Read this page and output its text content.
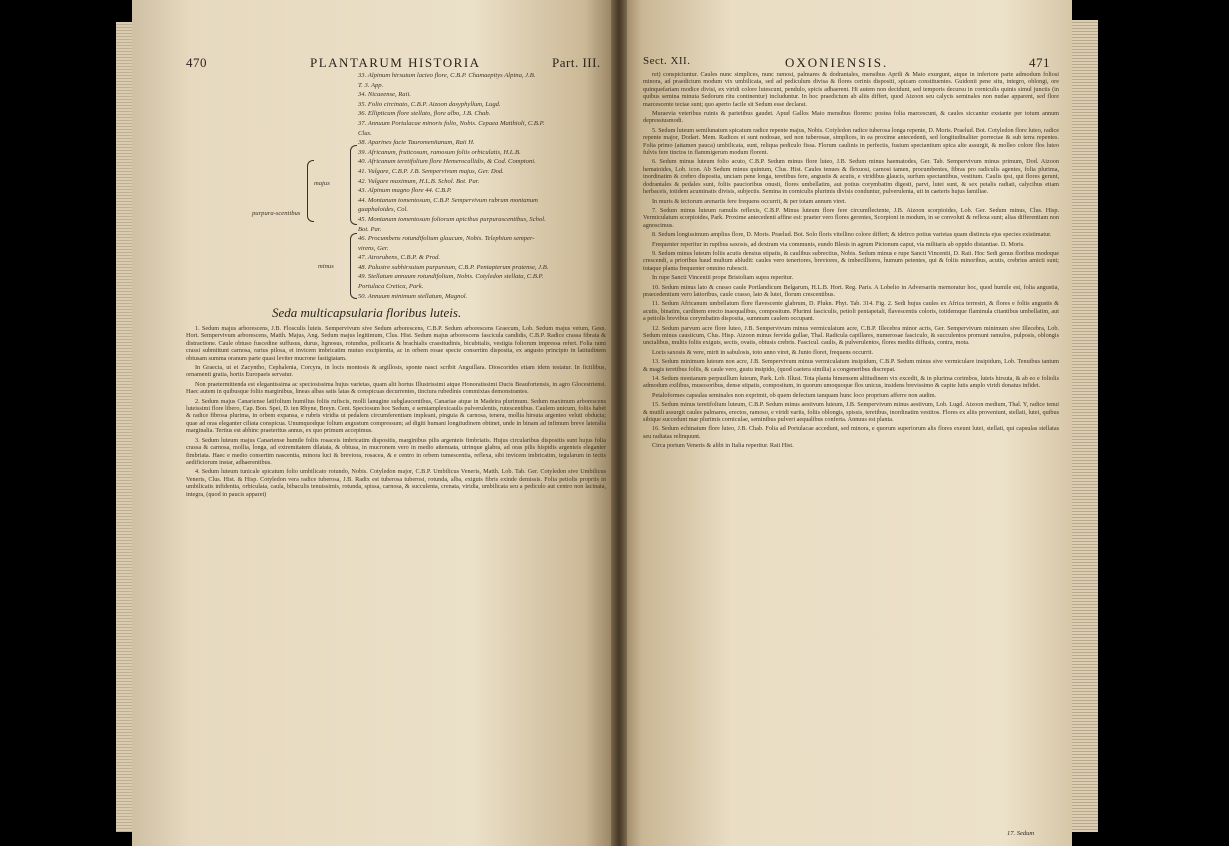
470	PLANTARUM HISTORIA	Part. III.
33. Alpinum hirsutum lacteo flore, C.B.P. Chamaepitys Alpina, J.B.
T. 3. App.
34. Nicaeense, Raii.
35. Folio circinato, C.B.P. Aizoon dasyphyllum, Lugd.
36. Ellipticum flore stellato, flore albo, J.B. Chab.
37. Annuum Portulacae minoris folio, Nobis. Cepaea Matthioli, C.B.P.
Clus.
38. Aparines facie Tauromenitanum, Raii H.
39. Africanum, fruticosum, ramosum foliis orbiculatis, H.L.B.
40. Africanum teretifolium flore Hemerocallidis, & Cod. Comptoni.
41. Vulgare, C.B.P. J.B. Sempervivum majus, Ger. Dod.
42. Vulgare maximum, H.L.B. Schol. Bot. Par.
43. Alpinum magno flore 44. C.B.P.
44. Montanum tomentosum, C.B.P. Sempervivum rubrum montanum
guaphaloides, Col.
45. Montanum tomentosum foliorum apicibus purpurascentibus, Schol.
Bot. Par.
46. Procumbens rotundifolium glaucum, Nobis. Telephium semper-
virens, Ger.
47. Atrorubens, C.B.P. & Prod.
48. Palustre subhirsutum purpureum, C.B.P. Pentapterum pratense, J.B.
49. Stellatum annuum rotundifolium, Nobis. Cotyledon stellata, C.B.P.
Portulaca Cretica, Park.
50. Annuum minimum stellatum, Magnol.
majus
purpura-scentibus
minus
Seda multicapsularia floribus luteis.

1. Sedum majus arborescens, J.B. Flosculis luteis. Sempervivum sive Sedum arborescens, C.B.P. Sedum arborescens Graecum, Lob. Sedum majus vetum, Gesn. Hort. Sempervivum arborescens, Matth. Majus, Ang. Sedum majus legitimum, Clus. Hist. Sedum majus arborescens fascicula candidis, C.B.P. Radice crassa fibrata & distractione. Caule obtuso fuscedine suffusus, durus, lignosus, rotundus, pollicaris & brachialis crassitudinis, bicubitalis, vestigia foliorum impressa refert. Folia rami crassi submittunt carnosa, rarius pilosa, et invicem imbricatim mutuo excipientia, ac in orbem rosae specie consertim disposita, ex angusto principio in latitudinem obtusam summa oranum parte quasi leviter mucrone fastigiatam.

In Graecia, ut et Zacyntho, Cephalenia, Corcyra, in locis montosis & argillosis, sponte nasci scribit Anguillara. Dioscorides etiam idem testatur. In fictilibus, ornamenti gratia, hortis Europaeis servatur.

Non praetermittenda est elegantissima ac speciosissima hujus varietas, quam alit hortus Illustrissimi atque Honoratissimi Ducis Beaufortensis, in agro Glocestriensi. Haec autem in quibusque foliis marginibus, lineas albas satis latas & conspicuas decurrentes, tinctura rubedinis commixtas demonstrantes.

2. Sedum majus Canariense latifolium humilius foliis rufiscis, molli lanugine subglaucentibus, Canariae atque in Madeira plurimum. Sedum maximum arborescens luteissimi flore libero, Cap. Bon. Spei, D. ten Rhyne, Breyn. Cent. Speciosum hoc Sedum, e semiamplexicaulis pulverulentis, rutescentibus. Caulem unicum, foliis habet & radice fibrosa plurima, in orbem expansa, e rubris viridia ut pedalem circumferentiam impleant, pinguia & carnosa, tenera, mollia hirsuta argenteo veluti obducta; quae ad oras eleganter ciliata conspicua. Unumquodque folium angustum compressum; ad digiti humani longitudinem obtinet, unde in binam ad infimum breve lateralia marginalia. Tertius est abhinc praeteritus annus, ex quo primum accepimus.

3. Sedum luteum majus Canariense humile foliis rosaceis imbricatim dispositis, marginibus pilis argenteis fimbriatis. Hujus circularibus dispositis sunt hujus folia crassa & carnosa, mollia, longa, ad extremitatem dilatata, & obtusa, in mucronem vero in medio attenuata, utrinque glabra, ad oras pilis hispidis argenteis eleganter fimbriata. Haec e medio consertim nascentia, minora luci & breviora, rosacea, & e centro in orbem tumescentia, reflexa, sibi invicem imbricatim, tegularum in tectis aedificiorum instar, adhaerentibus.

4. Sedum luteum tunicale spicatum folio umbilicato rotundo, Nobis. Cotyledon major, C.B.P. Umbilicus Veneris, Matth. Lob. Tab. Ger. Cotyledon sive Umbilicus Veneris, Clus. Hist. & Hisp. Cotyledon vera radice tuberosa, J.B. Radix est tuberosa tuberosi, rotunda, alba, exiguis fibris exinde demissis. Folia petiolis propriis in umbilicatis infidentia, orbiculata, caula, bibaculis tenuissimis, rotunda, spissa, carnosa, & succulenta, crenata, viridia, umbilicata seu a pediculo aut centro non lacinata, integra, (quod in paucis apparet)

Sect. XII.	OXONIENSIS.	471

ret) conspiciuntur. Caules nunc simplices, nunc ramosi, palmares & dodrantales, mensibus Aprili & Maio exurgunt, atque in inferiore parte admodum foliosi minora, ad praedictum modum vix umbilicata, sed ad pediculum divisa & flores cerinis dispositi, spicam constituentes. Guidonii pene situ, integro, oblongi, ore quinquefariam modice divisi, ex viridi colore lutescunt, pendulo, spicis adhaerent. Hi autem non decidunt, sed temporis decursu in corniculis quinis simul junctis (in quibus semina minuta Sedorum ritu continentur) includuntur. In hoc praedictum ab aliis differt, quod Aizoon seu calycis seminales non nudae apparent, sed flore marcescente tectae sunt; quo aperto facile sit Sedum esse declarat.

Muraevia veteribus ruinis & parietibus gaudet. Apud Gallos Maio mensibus florens: postea folia marcescunt, & caules siccantur exstante per totum annum depressiusmodi.

5. Sedum luteum semilunatum spicatum radice repente majus, Nobis. Cotyledon radice tuberosa longa repente, D. Moris. Praelud. Bot. Cotyledon flore luteo, radice repente major, Dodart. Mem. Radices ei sunt nodosae, sed non tuberosae, simplices, in ea proxime antecedenti, sed longitudinaliter porrectae & sub terra repentes. Folia primo (attamen pauca) umbilicata, sunt, reliqua pediculo fissa. Florum caulinis in perfectis, fusium spectantium spica alte assurgit, & molleo colore flos luteo fulvis fere tinctos in flammigerum modum florent.

6. Sedum minus luteum folio acuto, C.B.P. Sedum minus flore luteo, J.B. Sedum minus haematodes, Ger. Tab. Sempervivum minus primum, Dod. Aizoon hematoides, Lob. icon. Ab Sedum minus quintum, Clus. Hist. Caules tenues & flexuosi, carnosi tamen, procumbentes, fibras pro radiculis agentes, folia plurima, inordinatim & crebro disposita, unciam pene longa, teretibus fere, angustis & acutis, e viridibus glaucis, surfum spectantibus, vestitum. Caulis ipsi, qui flores gerunt, dodrantales & pedales sunt, foliis paucioribus onusti, flores umbellatim, aut potius corymbatim digesti, parvi, lutei sunt, & sex petalis radiati, calycibus etiam herbaceis, totidem acuminatis divisis, subjectis. Semina in corniculis plurimis divisis conduntur, pulverulenta, uti in caeteris hujus familiae.

In muris & tectorum arenariis fere frequens occurrit, & per totam annum viret.

7. Sedum minus luteum ramulis reflexis, C.B.P. Minus luteum flore fere circumflectente, J.B. Aizoon scorpioides, Lob. Ger. Sedum minus, Clus. Hisp. Vermiculatum scorpioides, Park. Proxime antecedenti affine est: praeter vero flores gerentes, Scorpioni in modum, in se convoluti & reflexa sunt; alias differentiam non agnoscimus.

8. Sedum longissimum amplius flore, D. Moris. Praelud. Bot. Solo floris vitellino colore differt; & ideirco potius varietas quam distincta ejus species existimatur.

Frequenter reperitur in rupibus saxosis, ad dextram via communis, eundo Blesis in agrum Pictonum caput, via militaris ab oppido distantiae. D. Moris.

9. Sedum minus luteum foliis acutis densius stipatis, & caulibus subrectius, Nobis. Sedum minus e rupe Sancti Vincentii, D. Raii. Hoc Sedi genus floribus modoque crescendi, a prioribus haud multum abludit: caules vero teneriores, breviores, & imbecilliores, humum petentes, qui & foliis minoribus, acutis, crebrius amicti sunt; totaque planta frequenter omnino rubescit.

In rupe Sancti Vincentii prope Bristoliam supra reperitur.

10. Sedum minus lato & crasso caule Portlandicum Belgarum, H.L.B. Hort. Reg. Paris. A Lobelio in Adversariis memoratur hoc, quod humile est, folia angustia, praecedentium vero latioribus, caule crasso, lato & lutei, florum crescentibus.

11. Sedum Africanum umbellatum flore flavescente glabrum, D. Plukn. Phyt. Tab. 314. Fig. 2. Sedi hujus caules ex Africa terrestri, & flores e foliis angustis & acutis, binatim, cardinem erecto inaequalibus, compositum. Plurimi fasciculis, petioli pentapetali, flavescentis coloris, totidemque flaminula citantibus umbellatim, aut a petiolis brevibus corymbatim disposita, summum caulem occupant.

12. Sedum parvum acre flore luteo, J.B. Sempervivum minus vermiculatum acre, C.B.P. Illecebra minor acris, Ger. Sempervivum minimum sive Illecebra, Lob. Sedum minus causticum, Clus. Hisp. Aizoon minus fervida gullae, Thal. Radicula capillares, numerosae fasciculo, & succulentos promunt ramulos, pulposis, oblongis uncialibus, multis foliis exiguis, sectis, ovatis, obtusis crebris. Fascicul. caulis, & pulverulentos, flores mediis diffusis, contra, mota.

Locis saxosis & vere, mirit in sabulosis, toto anno viret, & Junio floret, frequens occurrit.

13. Sedum minimum luteum non acre, J.B. Sempervivum minus vermiculatum insipidum, C.B.P. Sedum minus sive vermiculare insipidum, Lob. Tenuibus tantum & magis teretibus foliis, & caule vero, gustu insipido, (quod caetera similia) a congeneribus discrepat.

14. Sedum montanum perpusillum luteum, Park. Lob. Illust. Tota planta bimensem altitudinem vix excedit, & in plurima corimbos, luteis hirsuta, & ab eo e foliolis admodum exilibus, musosoribus, dense stipatis, compositum, in quorum umoquoque flos unicus, insidens brevissimo & capite lutis amplo viridi donatus infidet.

Petaloformes capsulas seminales non exprimit, ob quem defectum tanquam hunc loco proprium afferre non audim.

15. Sedum minus teretifolium luteum, C.B.P. Sedum minus aestivum luteum, J.B. Sempervivum minus aestivum, Lob. Lugd. Aizoon medium, Thal. Y, radice tenui & mutili assurgit caules palmares, erectos, ramoso, e viridi variis, foliis oblongis, spissis, teretibus, inordinatim vestitos. Flores ex aliis proveniunt, stellati, lutei, quibus sibique succedunt mar plurimis corniculae, seminibus pulveri aequalibus conferta. Annuus est planta.

16. Sedum echinatum flore luteo, J.B. Chab. Folia ad Portulacae accedunt, sed minora, e quorum superiorum alis flores exeunt lutei, stellati, qui capsulas stellatas seu radiatas relinquunt.

Circa portum Veneris & alibi in Italia reperitur. Raii Hist.

17. Sedum
